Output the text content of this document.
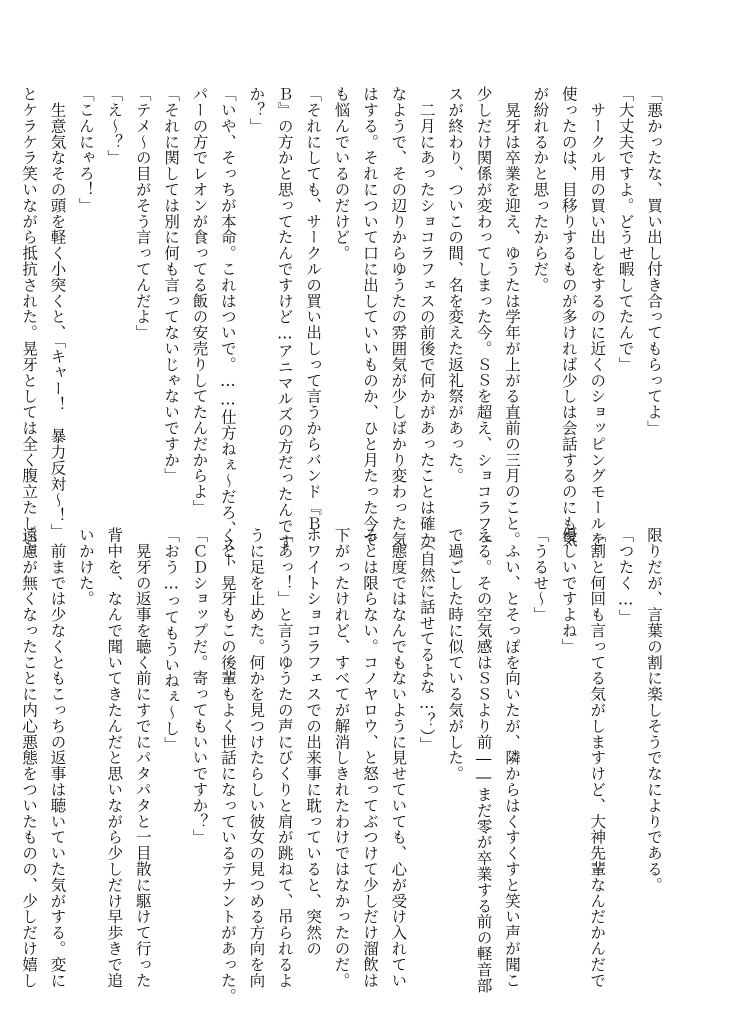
「悪かったな、買い出し付き合ってもらってよ」
「大丈夫ですよ。どうせ暇してたんで」
　サークル用の買い出しをするのに近くのショッピングモールを
使ったのは、目移りするものが多ければ少しは会話するのにも気
が紛れるかと思ったからだ。
　晃牙は卒業を迎え、ゆうたは学年が上がる直前の三月のこと。
少しだけ関係が変わってしまった今。ＳＳを超え、ショコラフェ
スが終わり、ついこの間、名を変えた返礼祭があった。
　二月にあったショコラフェスの前後で何かがあったことは確か
なようで、その辺りからゆうたの雰囲気が少しばかり変わった気
はする。それについて口に出していいものか、ひと月たった今で
も悩んでいるのだけど。
「それにしても、サークルの買い出しって言うからバンド『Ｂ
Ｂ』の方かと思ってたんですけど…アニマルズの方だったんです
か？」
「いや、そっちが本命。これはついで。……仕方ねぇ～だろ、スー
パーの方でレオンが食ってる飯の安売りしてたんだからよ」
「それに関しては別に何も言ってないじゃないですか」
「テメ～の目がそう言ってんだよ」
「え～？」
「こんにゃろ！」
　生意気なその頭を軽く小突くと、「キャー！　暴力反対～！」
とケラケラ笑いながら抵抗された。晃牙としては全く腹立たしい
限りだが、言葉の割に楽しそうでなによりである。
「つたく…」
「割と何回も言ってる気がしますけど、大神先輩なんだかんだで
優しいですよね」
「うるせ～」
　ふい、とそっぽを向いたが、隣からはくすくすと笑い声が聞こ
える。その空気感はＳＳより前――まだ零が卒業する前の軽音部
で過ごした時に似ている気がした。
「（自然に話せてるよな…？）」
　態度ではなんでもないように見せていても、心が受け入れてい
るとは限らない。コノヤロウ、と怒ってぶつけて少しだけ溜飲は
下がったけれど、すべてが解消しきれたわけではなかったのだ。
ホワイトショコラフェスでの出来事に耽っていると、突然の
「あっ！」と言うゆうたの声にびくりと肩が跳ねて、吊られるよ
うに足を止めた。何かを見つけたらしい彼女の見つめる方向を向
くと、晃牙もこの後輩もよく世話になっているテナントがあった。
「ＣＤショップだ。寄ってもいいですか？」
「おう…ってもういねぇ～し」
　晃牙の返事を聴く前にすでにパタパタと一目散に駆けて行った
背中を、なんで聞いてきたんだと思いながら少しだけ早歩きで追
いかけた。
　前までは少なくともこっちの返事は聴いていた気がする。変に
遠慮が無くなったことに内心悪態をついたものの、少しだけ嬉し
